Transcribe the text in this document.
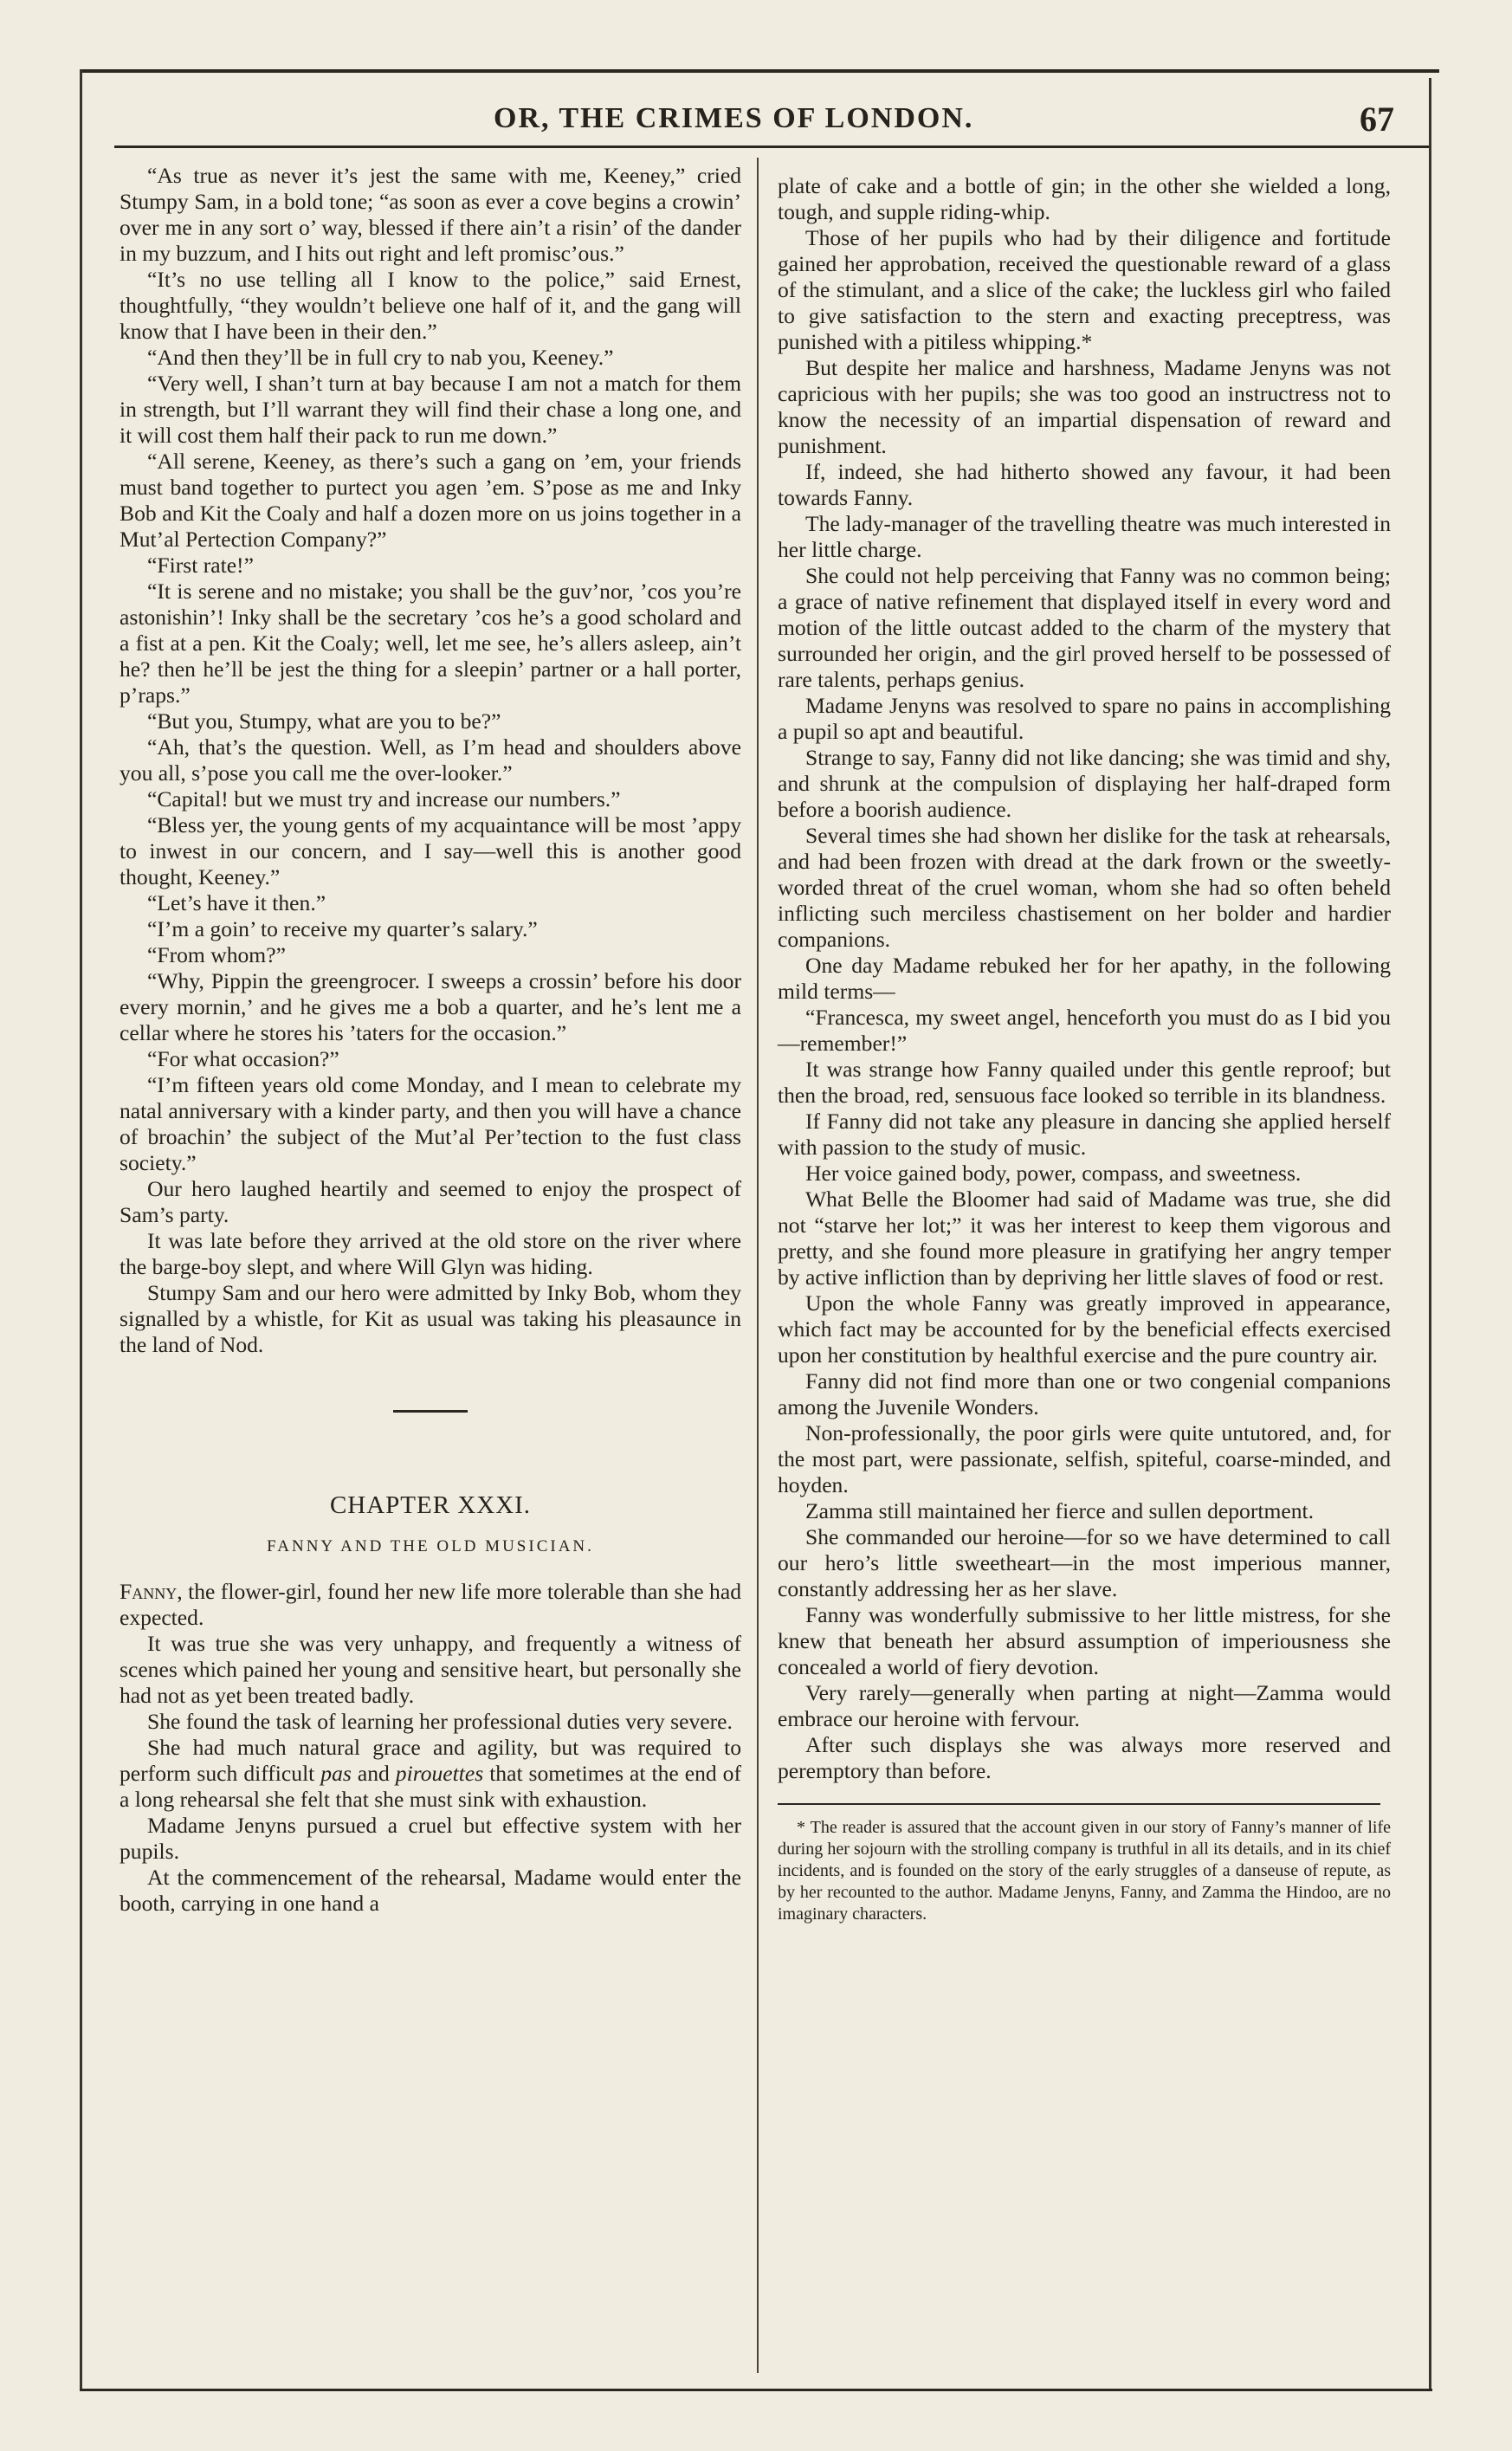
OR, THE CRIMES OF LONDON.	67

“As true as never it’s jest the same with me, Keeney,” cried Stumpy Sam, in a bold tone; “as soon as ever a cove begins a crowin’ over me in any sort o’ way, blessed if there ain’t a risin’ of the dander in my buzzum, and I hits out right and left promisc’ous.”

“It’s no use telling all I know to the police,” said Ernest, thoughtfully, “they wouldn’t believe one half of it, and the gang will know that I have been in their den.”

“And then they’ll be in full cry to nab you, Keeney.”

“Very well, I shan’t turn at bay because I am not a match for them in strength, but I’ll warrant they will find their chase a long one, and it will cost them half their pack to run me down.”

“All serene, Keeney, as there’s such a gang on ’em, your friends must band together to purtect you agen ’em. S’pose as me and Inky Bob and Kit the Coaly and half a dozen more on us joins together in a Mut’al Pertection Company?”

“First rate!”

“It is serene and no mistake; you shall be the guv’nor, ’cos you’re astonishin’! Inky shall be the secretary ’cos he’s a good scholard and a fist at a pen. Kit the Coaly; well, let me see, he’s allers asleep, ain’t he? then he’ll be jest the thing for a sleepin’ partner or a hall porter, p’raps.”

“But you, Stumpy, what are you to be?”

“Ah, that’s the question. Well, as I’m head and shoulders above you all, s’pose you call me the over-looker.”

“Capital! but we must try and increase our numbers.”

“Bless yer, the young gents of my acquaintance will be most ’appy to inwest in our concern, and I say—well this is another good thought, Keeney.”

“Let’s have it then.”

“I’m a goin’ to receive my quarter’s salary.”

“From whom?”

“Why, Pippin the greengrocer. I sweeps a crossin’ before his door every mornin,’ and he gives me a bob a quarter, and he’s lent me a cellar where he stores his ’taters for the occasion.”

“For what occasion?”

“I’m fifteen years old come Monday, and I mean to celebrate my natal anniversary with a kinder party, and then you will have a chance of broachin’ the subject of the Mut’al Per’tection to the fust class society.”

Our hero laughed heartily and seemed to enjoy the prospect of Sam’s party.

It was late before they arrived at the old store on the river where the barge-boy slept, and where Will Glyn was hiding.

Stumpy Sam and our hero were admitted by Inky Bob, whom they signalled by a whistle, for Kit as usual was taking his pleasaunce in the land of Nod.

CHAPTER XXXI.
FANNY AND THE OLD MUSICIAN.

Fanny, the flower-girl, found her new life more tolerable than she had expected.

It was true she was very unhappy, and frequently a witness of scenes which pained her young and sensitive heart, but personally she had not as yet been treated badly.

She found the task of learning her professional duties very severe.

She had much natural grace and agility, but was required to perform such difficult pas and pirouettes that sometimes at the end of a long rehearsal she felt that she must sink with exhaustion.

Madame Jenyns pursued a cruel but effective system with her pupils.

At the commencement of the rehearsal, Madame would enter the booth, carrying in one hand a

plate of cake and a bottle of gin; in the other she wielded a long, tough, and supple riding-whip.

Those of her pupils who had by their diligence and fortitude gained her approbation, received the questionable reward of a glass of the stimulant, and a slice of the cake; the luckless girl who failed to give satisfaction to the stern and exacting preceptress, was punished with a pitiless whipping.*

But despite her malice and harshness, Madame Jenyns was not capricious with her pupils; she was too good an instructress not to know the necessity of an impartial dispensation of reward and punishment.

If, indeed, she had hitherto showed any favour, it had been towards Fanny.

The lady-manager of the travelling theatre was much interested in her little charge.

She could not help perceiving that Fanny was no common being; a grace of native refinement that displayed itself in every word and motion of the little outcast added to the charm of the mystery that surrounded her origin, and the girl proved herself to be possessed of rare talents, perhaps genius.

Madame Jenyns was resolved to spare no pains in accomplishing a pupil so apt and beautiful.

Strange to say, Fanny did not like dancing; she was timid and shy, and shrunk at the compulsion of displaying her half-draped form before a boorish audience.

Several times she had shown her dislike for the task at rehearsals, and had been frozen with dread at the dark frown or the sweetly-worded threat of the cruel woman, whom she had so often beheld inflicting such merciless chastisement on her bolder and hardier companions.

One day Madame rebuked her for her apathy, in the following mild terms—

“Francesca, my sweet angel, henceforth you must do as I bid you—remember!”

It was strange how Fanny quailed under this gentle reproof; but then the broad, red, sensuous face looked so terrible in its blandness.

If Fanny did not take any pleasure in dancing she applied herself with passion to the study of music.

Her voice gained body, power, compass, and sweetness.

What Belle the Bloomer had said of Madame was true, she did not “starve her lot;” it was her interest to keep them vigorous and pretty, and she found more pleasure in gratifying her angry temper by active infliction than by depriving her little slaves of food or rest.

Upon the whole Fanny was greatly improved in appearance, which fact may be accounted for by the beneficial effects exercised upon her constitution by healthful exercise and the pure country air.

Fanny did not find more than one or two congenial companions among the Juvenile Wonders.

Non-professionally, the poor girls were quite untutored, and, for the most part, were passionate, selfish, spiteful, coarse-minded, and hoyden.

Zamma still maintained her fierce and sullen deportment.

She commanded our heroine—for so we have determined to call our hero’s little sweetheart—in the most imperious manner, constantly addressing her as her slave.

Fanny was wonderfully submissive to her little mistress, for she knew that beneath her absurd assumption of imperiousness she concealed a world of fiery devotion.

Very rarely—generally when parting at night—Zamma would embrace our heroine with fervour.

After such displays she was always more reserved and peremptory than before.

* The reader is assured that the account given in our story of Fanny’s manner of life during her sojourn with the strolling company is truthful in all its details, and in its chief incidents, and is founded on the story of the early struggles of a danseuse of repute, as by her recounted to the author. Madame Jenyns, Fanny, and Zamma the Hindoo, are no imaginary characters.
